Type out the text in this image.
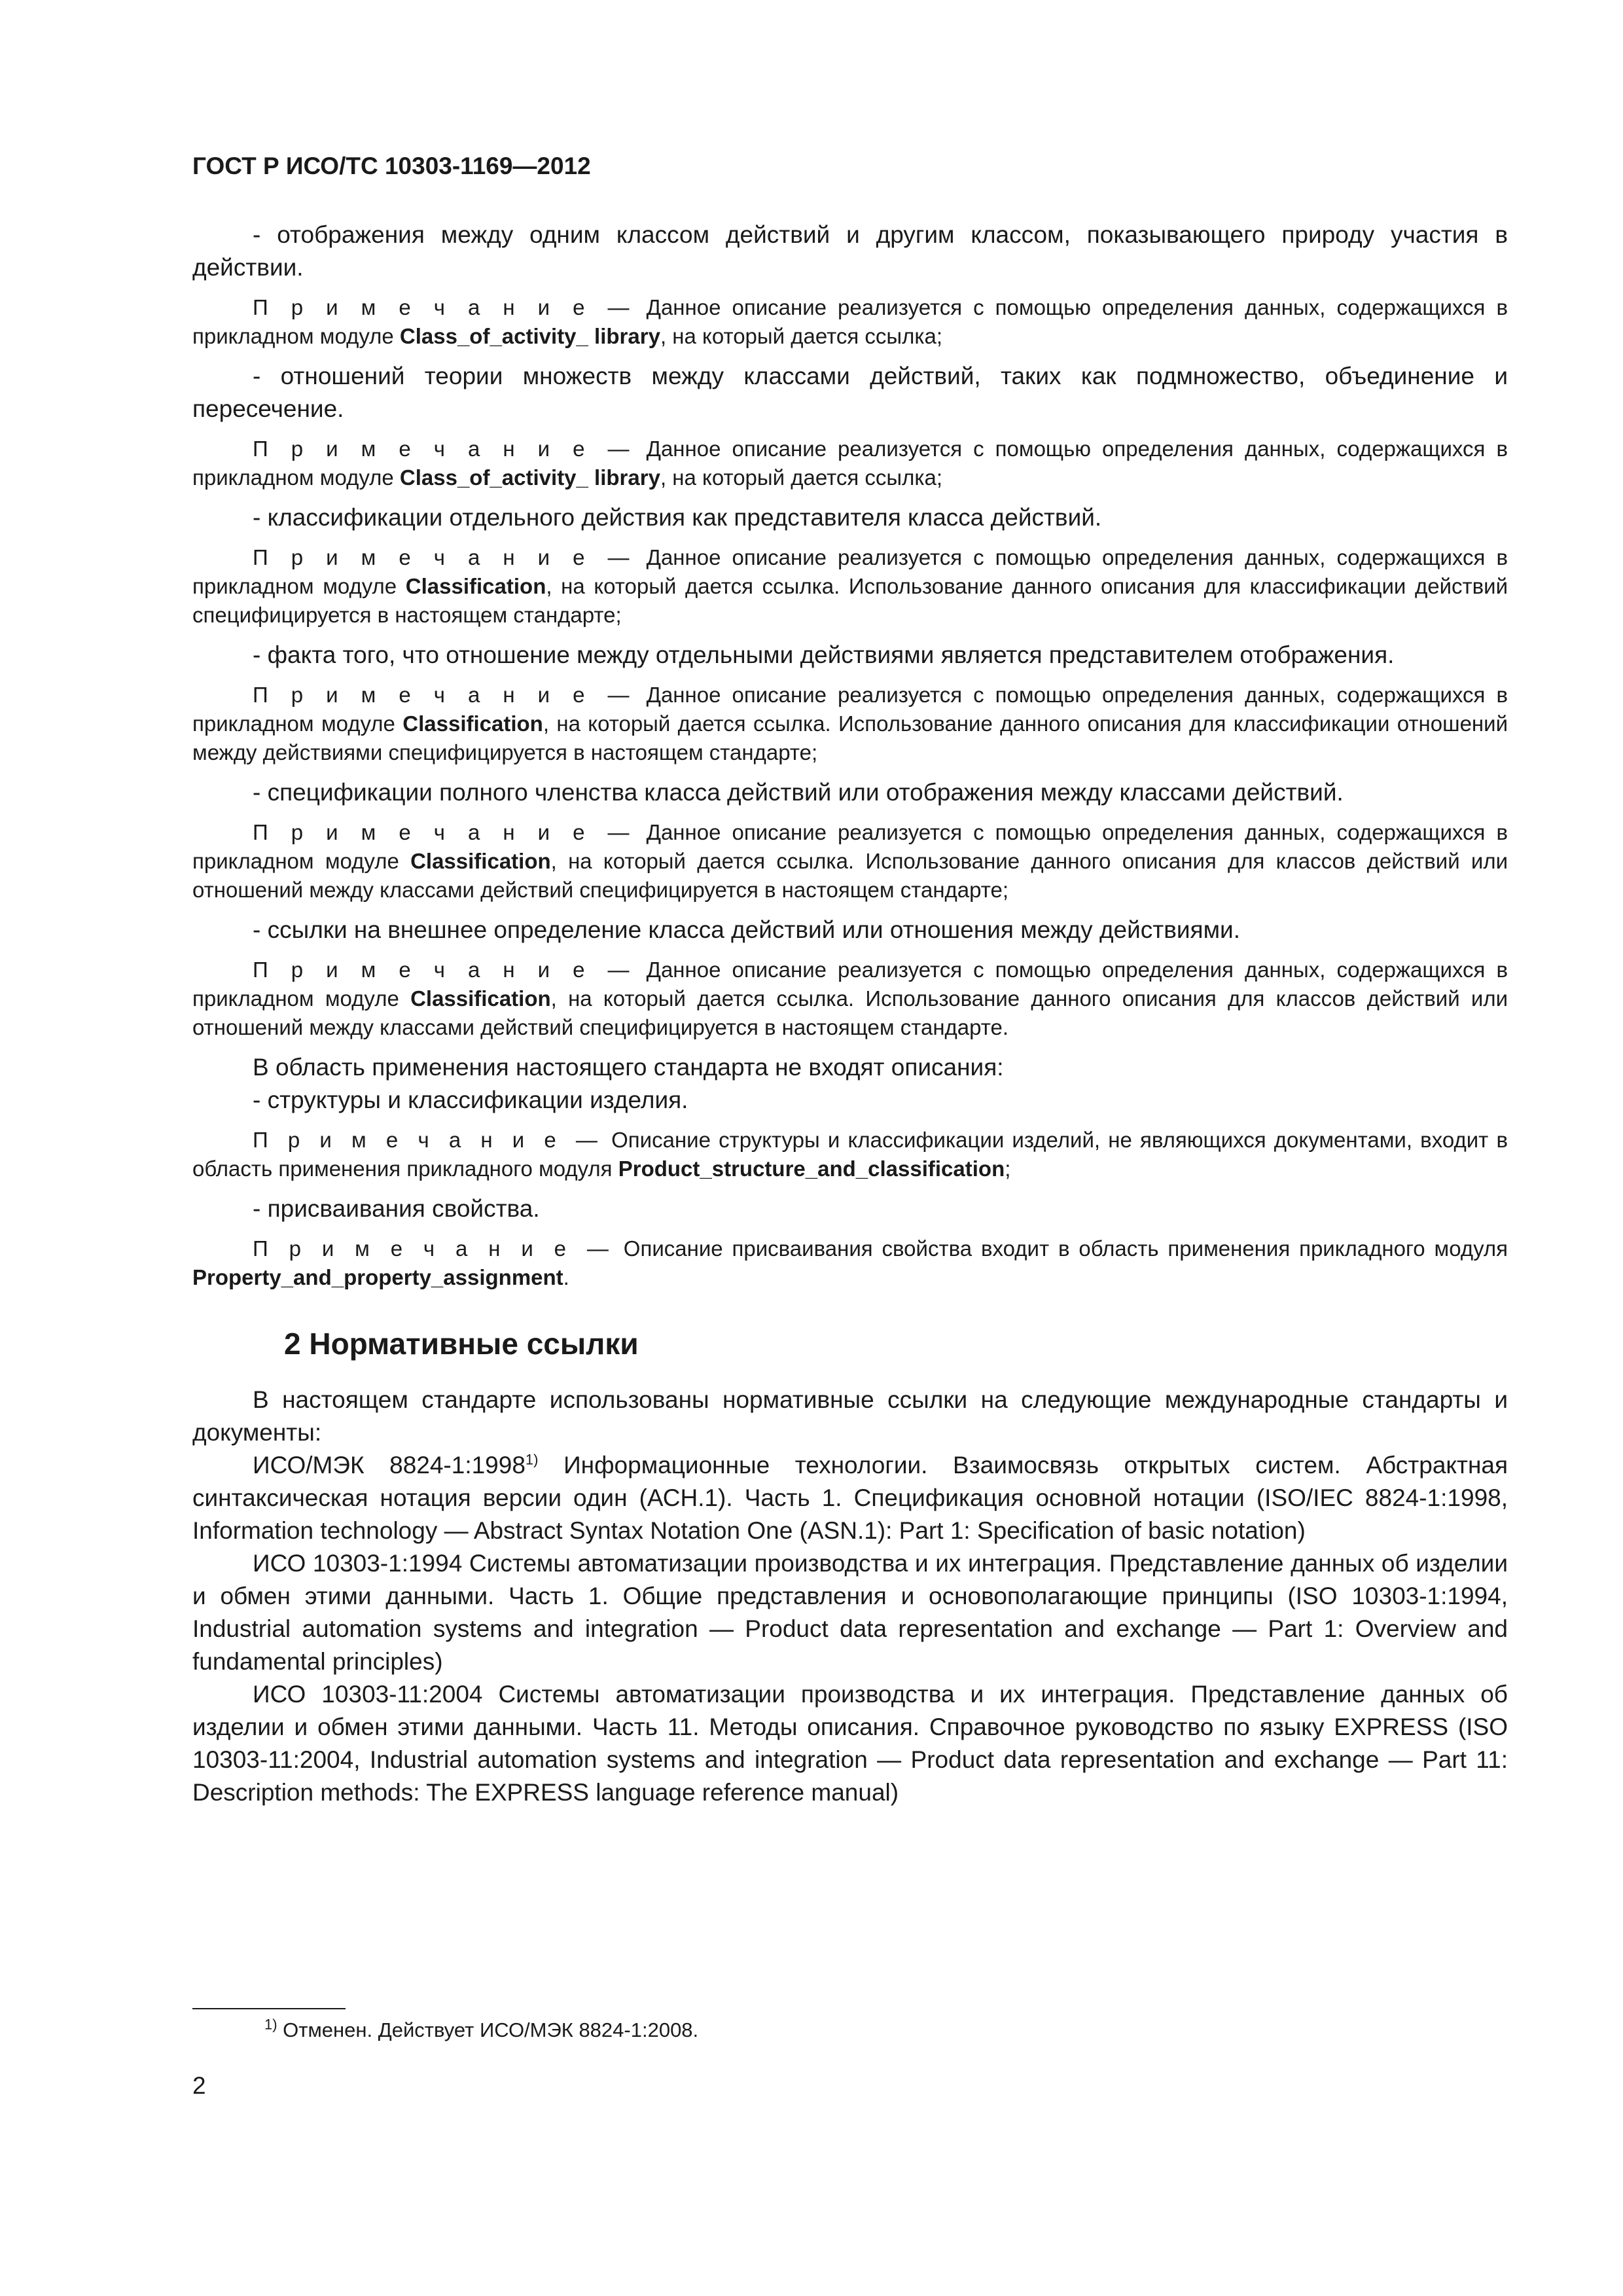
ГОСТ Р ИСО/ТС 10303-1169—2012

- отображения между одним классом действий и другим классом, показывающего природу участия в действии.

П р и м е ч а н и е — Данное описание реализуется с помощью определения данных, содержащихся в прикладном модуле Class_of_activity_ library, на который дается ссылка;

- отношений теории множеств между классами действий, таких как подмножество, объединение и пересечение.

П р и м е ч а н и е — Данное описание реализуется с помощью определения данных, содержащихся в прикладном модуле Class_of_activity_ library, на который дается ссылка;

- классификации отдельного действия как представителя класса действий.

П р и м е ч а н и е — Данное описание реализуется с помощью определения данных, содержащихся в прикладном модуле Classification, на который дается ссылка. Использование данного описания для классификации действий специфицируется в настоящем стандарте;

- факта того, что отношение между отдельными действиями является представителем отображения.

П р и м е ч а н и е — Данное описание реализуется с помощью определения данных, содержащихся в прикладном модуле Classification, на который дается ссылка. Использование данного описания для классификации отношений между действиями специфицируется в настоящем стандарте;

- спецификации полного членства класса действий или отображения между классами действий.

П р и м е ч а н и е — Данное описание реализуется с помощью определения данных, содержащихся в прикладном модуле Classification, на который дается ссылка. Использование данного описания для классов действий или отношений между классами действий специфицируется в настоящем стандарте;

- ссылки на внешнее определение класса действий или отношения между действиями.

П р и м е ч а н и е — Данное описание реализуется с помощью определения данных, содержащихся в прикладном модуле Classification, на который дается ссылка. Использование данного описания для классов действий или отношений между классами действий специфицируется в настоящем стандарте.

В область применения настоящего стандарта не входят описания:

- структуры и классификации изделия.

П р и м е ч а н и е — Описание структуры и классификации изделий, не являющихся документами, входит в область применения прикладного модуля Product_structure_and_classification;

- присваивания свойства.

П р и м е ч а н и е — Описание присваивания свойства входит в область применения прикладного модуля Property_and_property_assignment.

2 Нормативные ссылки

В настоящем стандарте использованы нормативные ссылки на следующие международные стандарты и документы:

ИСО/МЭК 8824-1:1998$^{1)}$ Информационные технологии. Взаимосвязь открытых систем. Абстрактная синтаксическая нотация версии один (АСН.1). Часть 1. Спецификация основной нотации (ISO/IEC 8824-1:1998, Information technology — Abstract Syntax Notation One (ASN.1): Part 1: Specification of basic notation)

ИСО 10303-1:1994 Системы автоматизации производства и их интеграция. Представление данных об изделии и обмен этими данными. Часть 1. Общие представления и основополагающие принципы (ISO 10303-1:1994, Industrial automation systems and integration — Product data representation and exchange — Part 1: Overview and fundamental principles)

ИСО 10303-11:2004 Системы автоматизации производства и их интеграция. Представление данных об изделии и обмен этими данными. Часть 11. Методы описания. Справочное руководство по языку EXPRESS (ISO 10303-11:2004, Industrial automation systems and integration — Product data representation and exchange — Part 11: Description methods: The EXPRESS language reference manual)

$^{1)}$ Отменен. Действует ИСО/МЭК 8824-1:2008.
2
